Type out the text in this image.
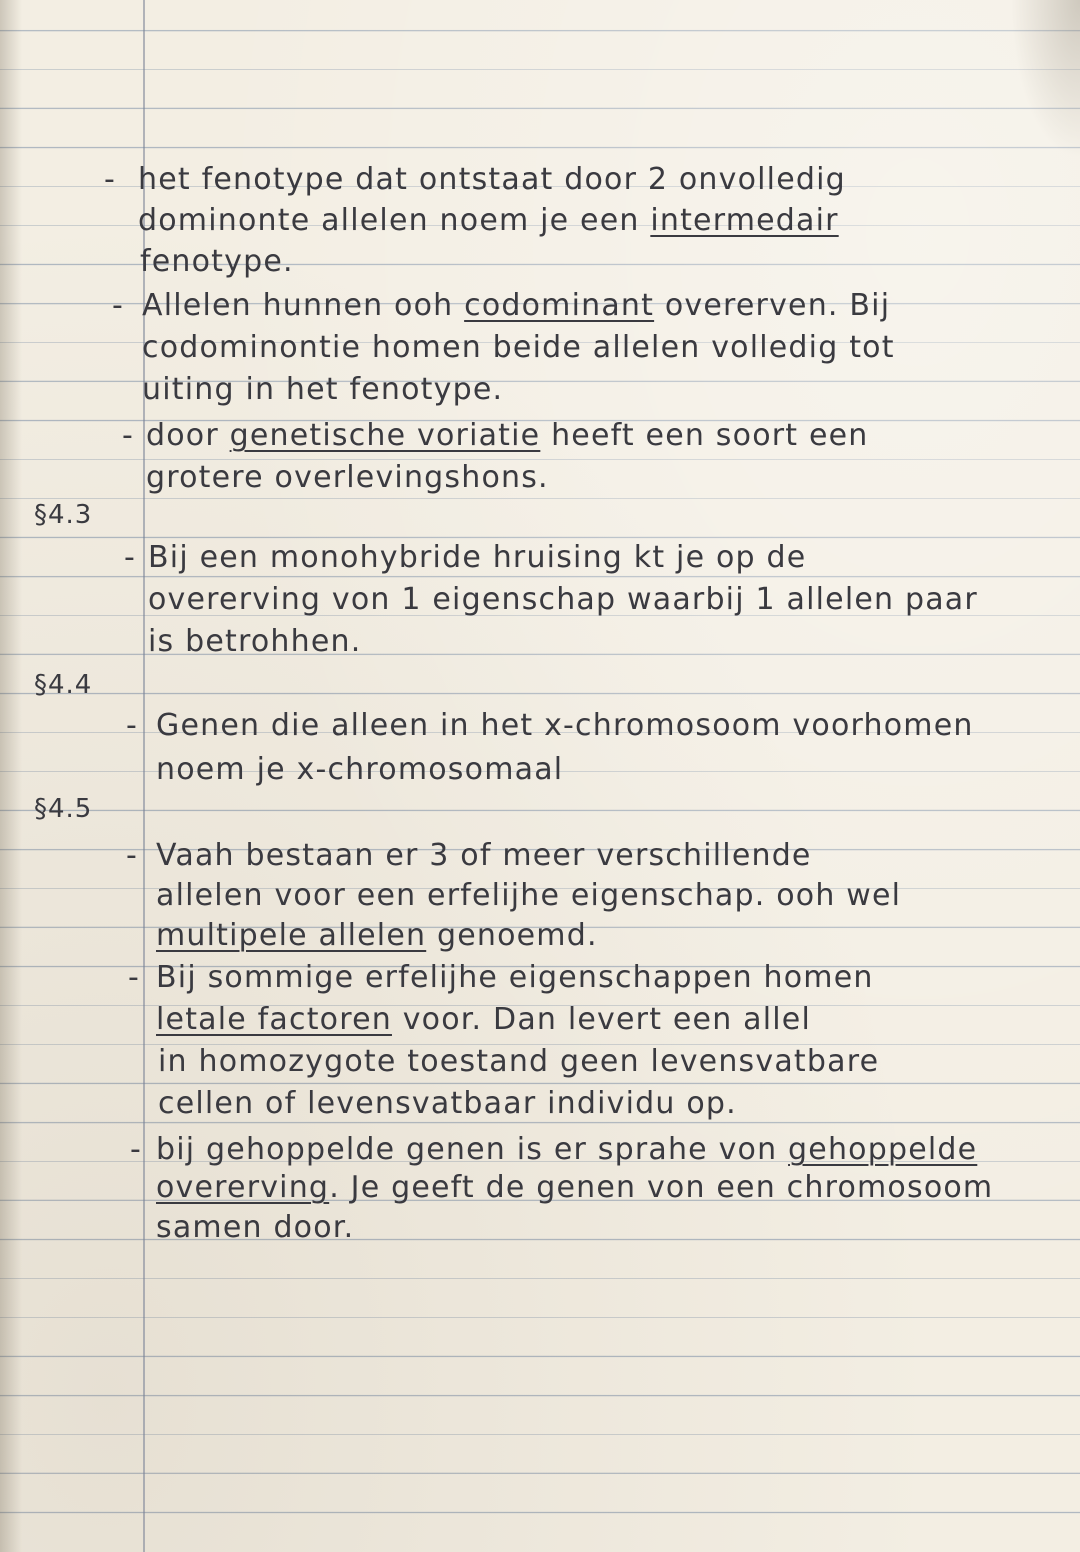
- het fenotype dat ontstaat door 2 onvolledig

dominonte allelen noem je een intermedair

fenotype.

- Allelen hunnen ooh codominant overerven. Bij

codominontie homen beide allelen volledig tot

uiting in het fenotype.

- door genetische voriatie heeft een soort een

grotere overlevingshons.

§4.3
- Bij een monohybride hruising kt je op de

overerving von 1 eigenschap waarbij 1 allelen paar

is betrohhen.

§4.4
- Genen die alleen in het x-chromosoom voorhomen

noem je x-chromosomaal

§4.5
- Vaah bestaan er 3 of meer verschillende

allelen voor een erfelijhe eigenschap. ooh wel

multipele allelen genoemd.

- Bij sommige erfelijhe eigenschappen homen

letale factoren voor. Dan levert een allel

in homozygote toestand geen levensvatbare

cellen of levensvatbaar individu op.

- bij gehoppelde genen is er sprahe von gehoppelde

overerving. Je geeft de genen von een chromosoom

samen door.
